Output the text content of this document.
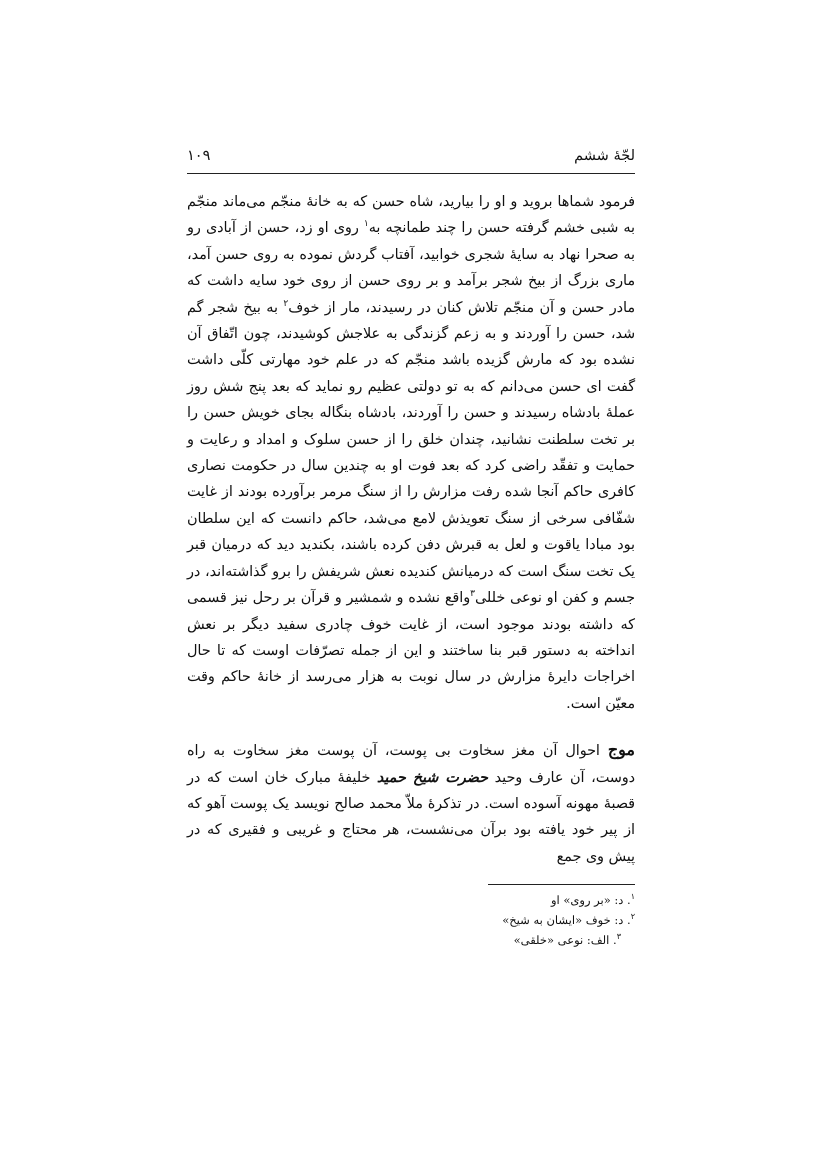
لجّهٔ ششم
۱۰۹

فرمود شماها بروید و او را بیارید، شاه حسن که به خانهٔ منجّم می‌ماند منجّم به شبی خشم گرفته حسن را چند طمانچه به$^۱$ روی او زد، حسن از آبادی رو به صحرا نهاد به سایهٔ شجری خوابید، آفتاب گردش نموده به روی حسن آمد، ماری بزرگ از بیخ شجر برآمد و بر روی حسن از روی خود سایه داشت که مادر حسن و آن منجّم تلاش کنان در رسیدند، مار از خوف$^۲$ به بیخ شجر گم شد، حسن را آوردند و به زعم گزندگی به علاجش کوشیدند، چون اتّفاق آن نشده بود که مارش گزیده باشد منجّم که در علم خود مهارتی کلّی داشت گفت ای حسن می‌دانم که به تو دولتی عظیم رو نماید که بعد پنج شش روز عملهٔ بادشاه رسیدند و حسن را آوردند، بادشاه بنگاله بجای خویش حسن را بر تخت سلطنت نشانید، چندان خلق را از حسن سلوک و امداد و رعایت و حمایت و تفقّد راضی کرد که بعد فوت او به چندین سال در حکومت نصاری کافری حاکم آنجا شده رفت مزارش را از سنگ مرمر برآورده بودند از غایت شفّافی سرخی از سنگ تعویذش لامع می‌شد، حاکم دانست که این سلطان بود مبادا یاقوت و لعل به قبرش دفن کرده باشند، بکندید دید که درمیان قبر یک تخت سنگ است که درمیانش کندیده نعش شریفش را برو گذاشته‌اند، در جسم و کفن او نوعی خللی$^۳$واقع نشده و شمشیر و قرآن بر رحل نیز قسمی که داشته بودند موجود است، از غایت خوف چادری سفید دیگر بر نعش انداخته به دستور قبر بنا ساختند و این از جمله تصرّفات اوست که تا حال اخراجات دایرهٔ مزارش در سال نوبت به هزار می‌رسد از خانهٔ حاکم وقت معیّن است.

موج احوال آن مغز سخاوت بی پوست، آن پوست مغز سخاوت به راه دوست، آن عارف وحید حضرت شیخ حمید خلیفهٔ مبارک خان است که در قصبهٔ مهونه آسوده است. در تذکرهٔ ملاّ محمد صالح نویسد یک پوست آهو که از پیر خود یافته بود برآن می‌نشست، هر محتاج و غریبی و فقیری که در پیش وی جمع

$^۱$. د: «بر روی» او

$^۲$. د: خوف «ایشان به شیخ»

$^۳$. الف: نوعی «خلقی»
